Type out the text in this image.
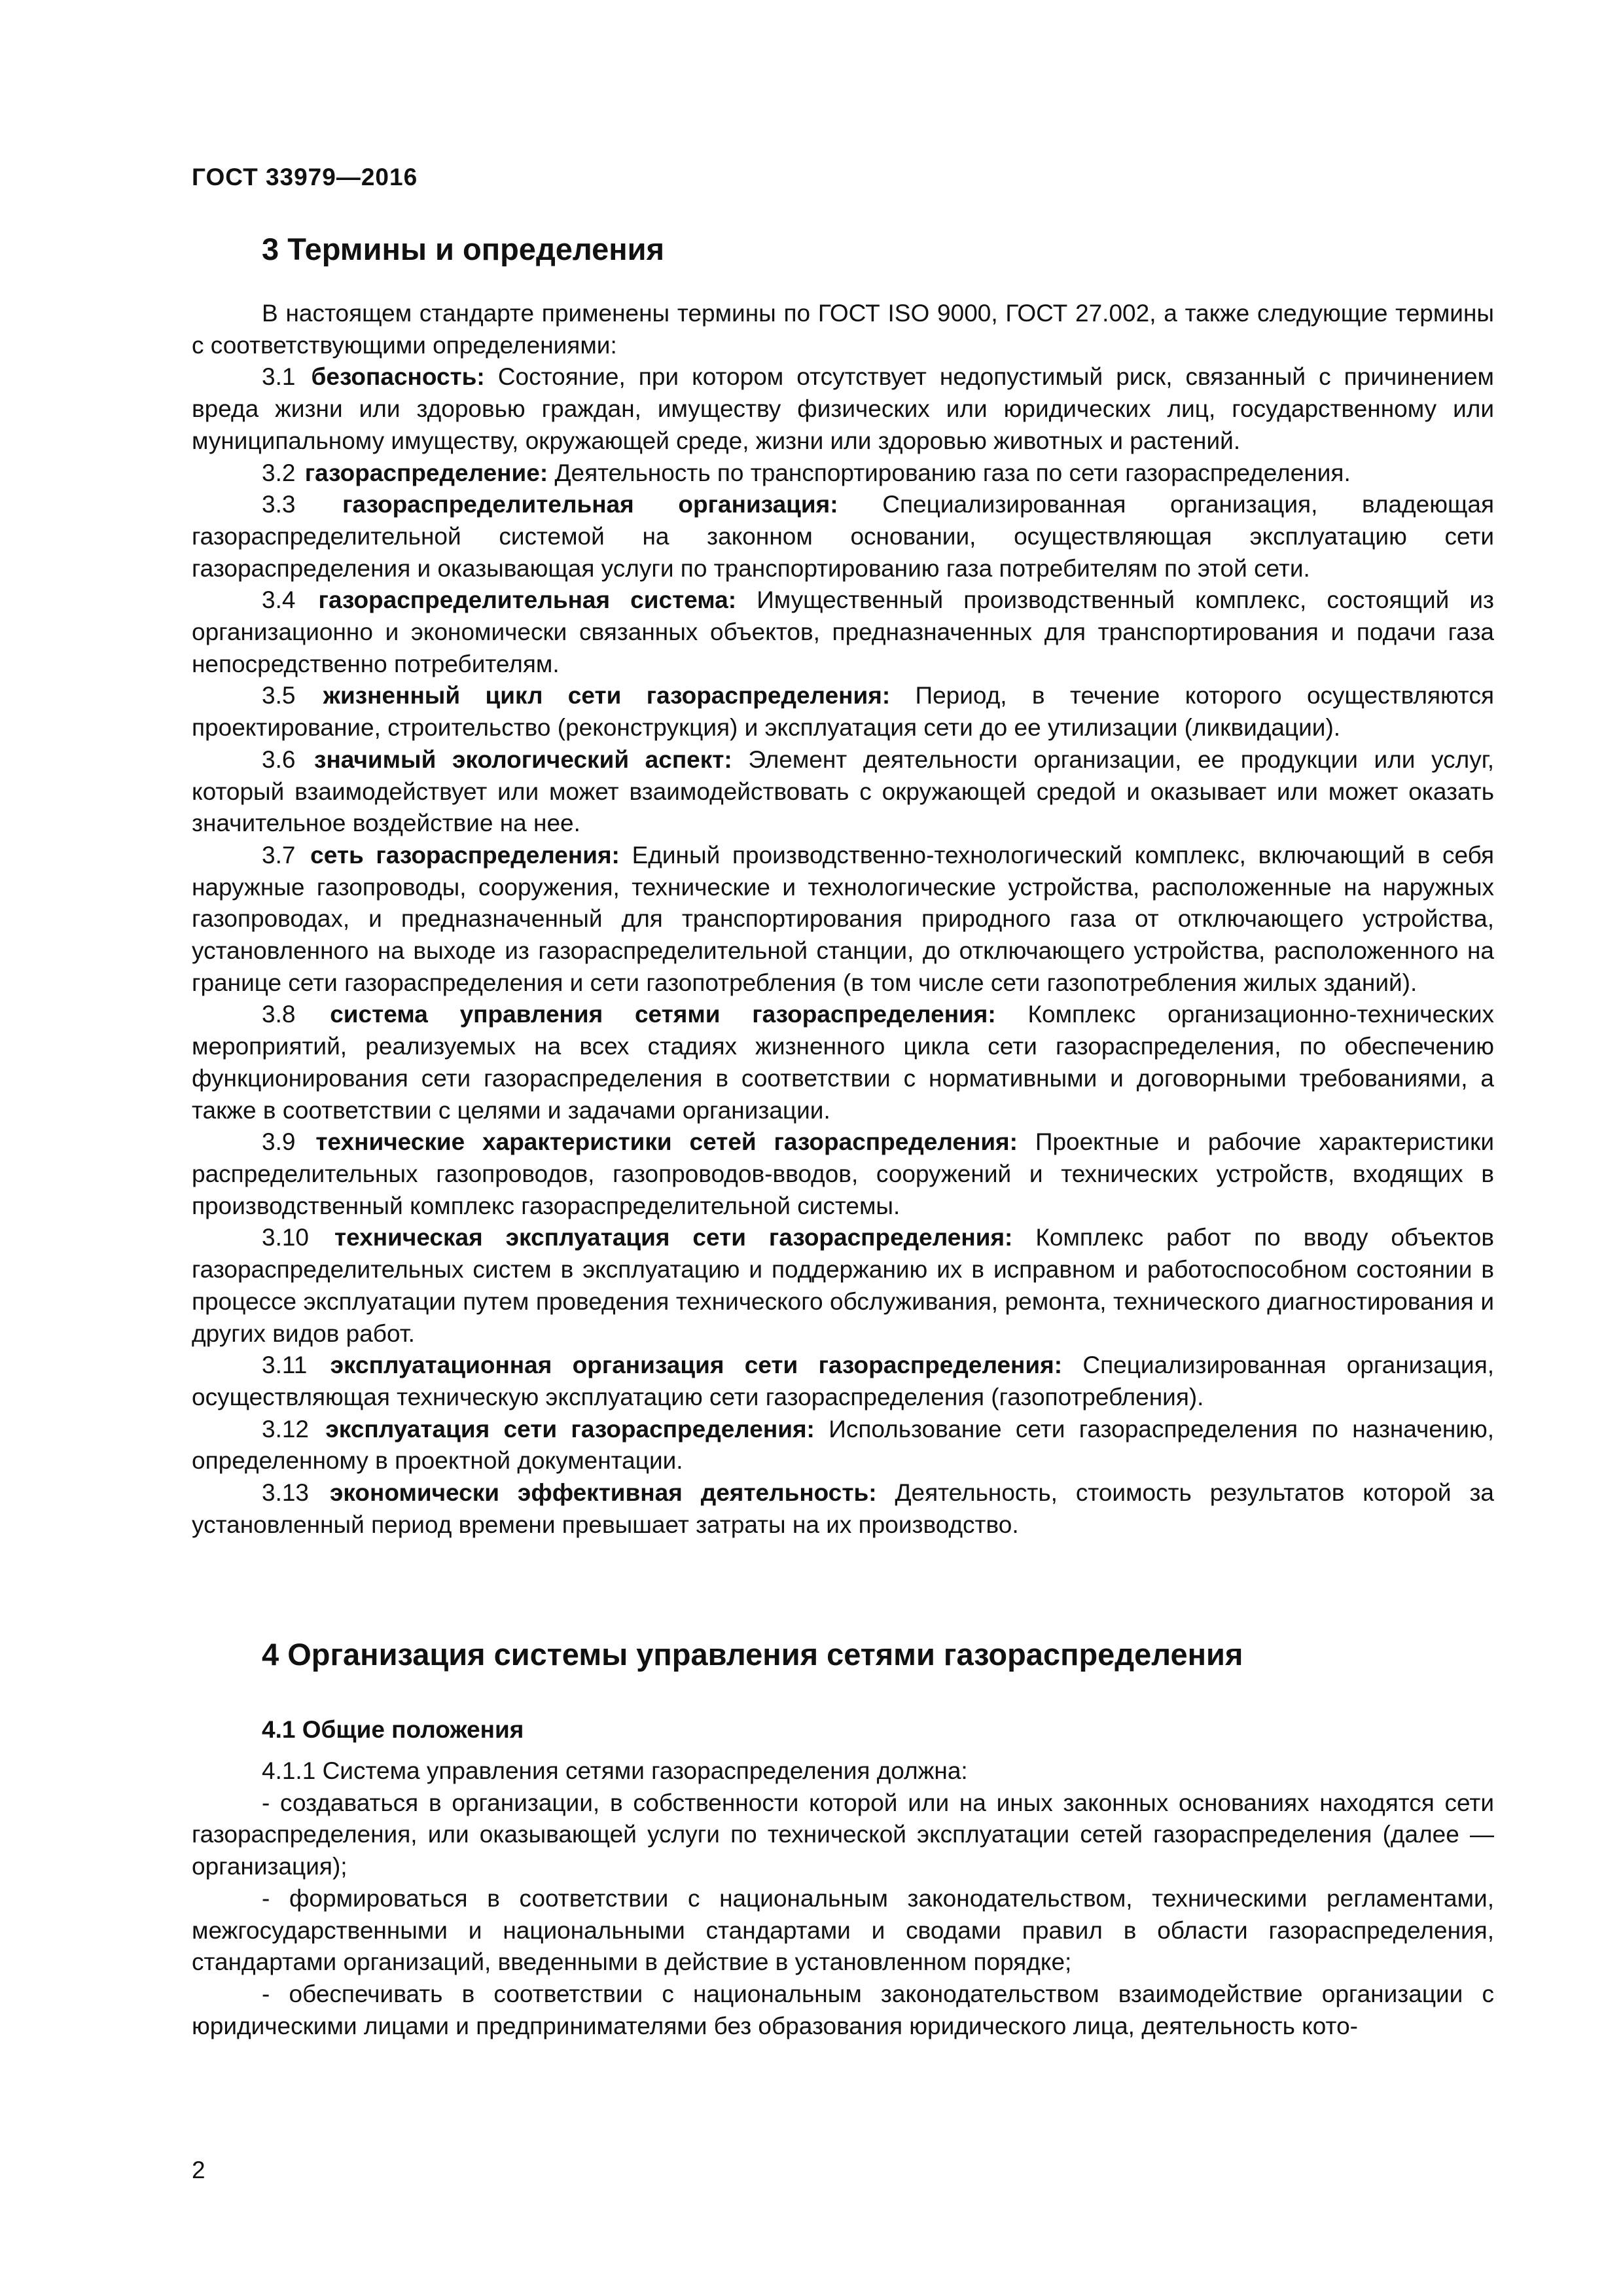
ГОСТ 33979—2016

3 Термины и определения

В настоящем стандарте применены термины по ГОСТ ISO 9000, ГОСТ 27.002, а также следующие термины с соответствующими определениями:

3.1 безопасность: Состояние, при котором отсутствует недопустимый риск, связанный с причинением вреда жизни или здоровью граждан, имуществу физических или юридических лиц, государственному или муниципальному имуществу, окружающей среде, жизни или здоровью животных и растений.

3.2 газораспределение: Деятельность по транспортированию газа по сети газораспределения.

3.3 газораспределительная организация: Специализированная организация, владеющая газораспределительной системой на законном основании, осуществляющая эксплуатацию сети газораспределения и оказывающая услуги по транспортированию газа потребителям по этой сети.

3.4 газораспределительная система: Имущественный производственный комплекс, состоящий из организационно и экономически связанных объектов, предназначенных для транспортирования и подачи газа непосредственно потребителям.

3.5 жизненный цикл сети газораспределения: Период, в течение которого осуществляются проектирование, строительство (реконструкция) и эксплуатация сети до ее утилизации (ликвидации).

3.6 значимый экологический аспект: Элемент деятельности организации, ее продукции или услуг, который взаимодействует или может взаимодействовать с окружающей средой и оказывает или может оказать значительное воздействие на нее.

3.7 сеть газораспределения: Единый производственно-технологический комплекс, включающий в себя наружные газопроводы, сооружения, технические и технологические устройства, расположенные на наружных газопроводах, и предназначенный для транспортирования природного газа от отключающего устройства, установленного на выходе из газораспределительной станции, до отключающего устройства, расположенного на границе сети газораспределения и сети газопотребления (в том числе сети газопотребления жилых зданий).

3.8 система управления сетями газораспределения: Комплекс организационно-технических мероприятий, реализуемых на всех стадиях жизненного цикла сети газораспределения, по обеспечению функционирования сети газораспределения в соответствии с нормативными и договорными требованиями, а также в соответствии с целями и задачами организации.

3.9 технические характеристики сетей газораспределения: Проектные и рабочие характеристики распределительных газопроводов, газопроводов-вводов, сооружений и технических устройств, входящих в производственный комплекс газораспределительной системы.

3.10 техническая эксплуатация сети газораспределения: Комплекс работ по вводу объектов газораспределительных систем в эксплуатацию и поддержанию их в исправном и работоспособном состоянии в процессе эксплуатации путем проведения технического обслуживания, ремонта, технического диагностирования и других видов работ.

3.11 эксплуатационная организация сети газораспределения: Специализированная организация, осуществляющая техническую эксплуатацию сети газораспределения (газопотребления).

3.12 эксплуатация сети газораспределения: Использование сети газораспределения по назначению, определенному в проектной документации.

3.13 экономически эффективная деятельность: Деятельность, стоимость результатов которой за установленный период времени превышает затраты на их производство.

4 Организация системы управления сетями газораспределения
4.1 Общие положения

4.1.1 Система управления сетями газораспределения должна:

- создаваться в организации, в собственности которой или на иных законных основаниях находятся сети газораспределения, или оказывающей услуги по технической эксплуатации сетей газораспределения (далее — организация);

- формироваться в соответствии с национальным законодательством, техническими регламентами, межгосударственными и национальными стандартами и сводами правил в области газораспределения, стандартами организаций, введенными в действие в установленном порядке;

- обеспечивать в соответствии с национальным законодательством взаимодействие организации с юридическими лицами и предпринимателями без образования юридического лица, деятельность кото-

2
